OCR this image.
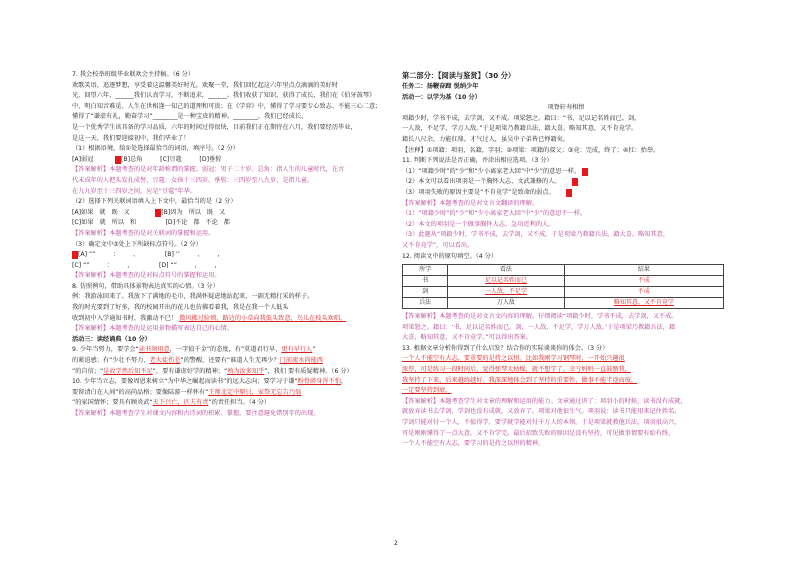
7. 我会校举班级毕业联欢会主持稿。（6 分）
欢歌笑语，追逐梦想，享受着这温馨美好时光。欢聚一堂，我们回忆起这六年里点点滴滴的美好时
光，回望六年，______我们认真学习，不断追求，______。我们收获了知识，获得了成长，我们在《伯牙鼓琴》
中，明白知音难觅、人生在世相逢一知己的道理和可贵；在《学弈》中，懂得了学习要专心致志、不能三心二意；
懂得了“谦虚有礼，勤奋学习”________是一种宝贵的精神。________，我们已经成长，
是一个优秀学生该具备的学习品质，六年的时间过得很快，目前我们正在期待在六月，我们要经历毕业，
是这一天，我们要迎接初中，我们毕业了！
（1）根据语境，给①处选择最恰当的词语，填序号。（2 分）
[A]弱冠	[B]总角	[C]豆蔻	[D]垂髫
【答案解析】本题考查的是对年龄称谓的掌握。弱冠：男子二十岁。总角：指人生的儿童时代，在古
代未成年的人把头发扎成髻，豆蔻：女孩十三四岁。垂髫：三四岁至八九岁，是指儿童。
在九九岁至十三四岁之间，应是“豆蔻”年华。
（2）选择下列关联词语填入上下文中，最恰当的是（2 分）
[A]如果 就 既 又	[B]因为 所以 既 又
[C]如果 就 所以 和	[D]不论 都 不论 都
【答案解析】本题考查的是对关联词的掌握和运用。
（3）确定文中③处上下所缺标点符号。（2 分）
[A] “”	： 、	[B] ‘’	、 ，
[C] “”	： ，	[D] “”	， ，
【答案解析】本题考查的是对标点符号的掌握和运用。
8. 仿照例句，借助具体景物表达真实的心情。（3 分）
例：我游泳回来了。我放下了满地的毛巾，我满怀疑虑地站起来，一副无精打采的样子。
我的时光要到了好多，我的校园开出的花儿也仿佛看着我，我是在我一个人低头
收到初中入学通知书时，我激动不已！ 微风拂过脸颊，路边的小草向我低头致意，鸟儿在枝头欢唱。
【答案解析】本题考查的是运用景物描写表达自己的心情。
活动三：读经诵典（10 分）
9. 少年当努力，要学会“读书须用意，一字值千金”的态度，有“莫道君行早，更有早行人”
的紧迫感；有“少壮不努力，老大徒伤悲”的警醒，还要有“谁道人生无再少？门前流水尚能西
”的自信；“是故学然后知不足”，要有谦虚好学的精神；“熟为汝多知乎”，我们 要有质疑精神。（6 分）
10. 少年当立志，要像周恩来树立“为中华之崛起而读书”的远大志向；要学习于谦“粉骨碎身浑不怕，
要留清白在人间”的高尚品格；要像陆游一样怀有“王师北定中原日，家祭无忘告乃翁
”的家国情怀；要具有顾炎武“天下兴亡，匹夫有责”的责任担当。（4 分）
【答案解析】本题考查学生对课文内容和古诗词的积累、掌握，要注意避免错别字的出现。
第二部分：【阅读与鉴赏】（30 分）
任务二：扬鞭奋蹄 悦纳少年
活动一：以学为基（10 分）
项脊轩寿相恨
项籍少时，学书不成，去学剑，又不成。项梁怒之。籍曰：“书，足以记名姓而已。剑，
一人敌，不足学，学万人敌。”于是项梁乃教籍兵法，籍大喜，略知其意，又不肯竟学。
籍长八尺余，力能扛鼎，才气过人，虽吴中子弟皆已惮籍矣。
【注释】①项籍：项羽，名籍，字羽；②项梁：项籍的叔父；③竟：完成，终了；④扛：抬举。
11. 判断下列说法是否正确，并涂出相应选项。（3 分）
（1）“项籍少时”的“少”和“少小离家老大回”中“少”的意思一样。
（2）本文可以看出项羽是一个胸怀大志、文武兼修的人。
（3）项羽失败的原因主要是“不肯竟学”是致命的弱点。
【答案解析】本题考查的是对文言文翻译的理解。
（1）“项籍少时”的“少”和“少小离家老大回”中“少”的意思不一样。
（2）本文的项羽是一个做事胸怀大志、急功近利的人。
（3）此题从“项籍少时，学书不成，去学剑，又不成。于是项梁乃教籍兵法，籍大喜，略知其意，
又不肯竟学”，可以看出。
12. 阅读文中的原句填空。（4 分）
所学	看法	结果
书	足以记名姓而已	不成
剑	一人敌，不足学	不成
兵法	万人敌	略知其意，又不肯竟学
【答案解析】本题考查的是对文言文内容的理解。仔细阅读“项籍少时，学书不成，去学剑，又不成。
项梁怒之。籍曰：‘书，足以记名姓而已。剑，一人敌，不足学，学万人敌。’于是项梁乃教籍兵法，籍
大喜，略知其意，又不肯竟学。”可以得出答案。
13. 根据文章分析你得到了什么启发？结合你的实际谈谈你的体会。（3 分）
一个人不能空有大志，要重要的是持之以恒。比如我刚学习钢琴时，一开始兴趣很
浓厚，可是练习一段时间后，觉得弹琴太枯燥，就不想学了，幸亏妈妈一直鼓励我，
我坚持了下来，后来越练越好。我深深地体会到了坚持的重要性，做事不能半途而废，
一定要坚持到底。
【答案解析】本题考查学生对文章的理解和运用的能力。文章通过讲了：项羽小的时候，读书没有成就，
就放弃读书去学剑，学剑也没有成就，又放弃了。项梁对他很生气。项羽说：读书只能用来记住姓名，
学剑只能对付一个人，不值得学，要学就学能对付千万人的本领。于是项梁就教他兵法，项羽很高兴，
可是刚刚懂得了一点大意，又不肯学完。最后招致失败的原因是没有坚持，可见做事情要有始有终，
一个人不能空有大志，要学习的是持之以恒的精神。
2
